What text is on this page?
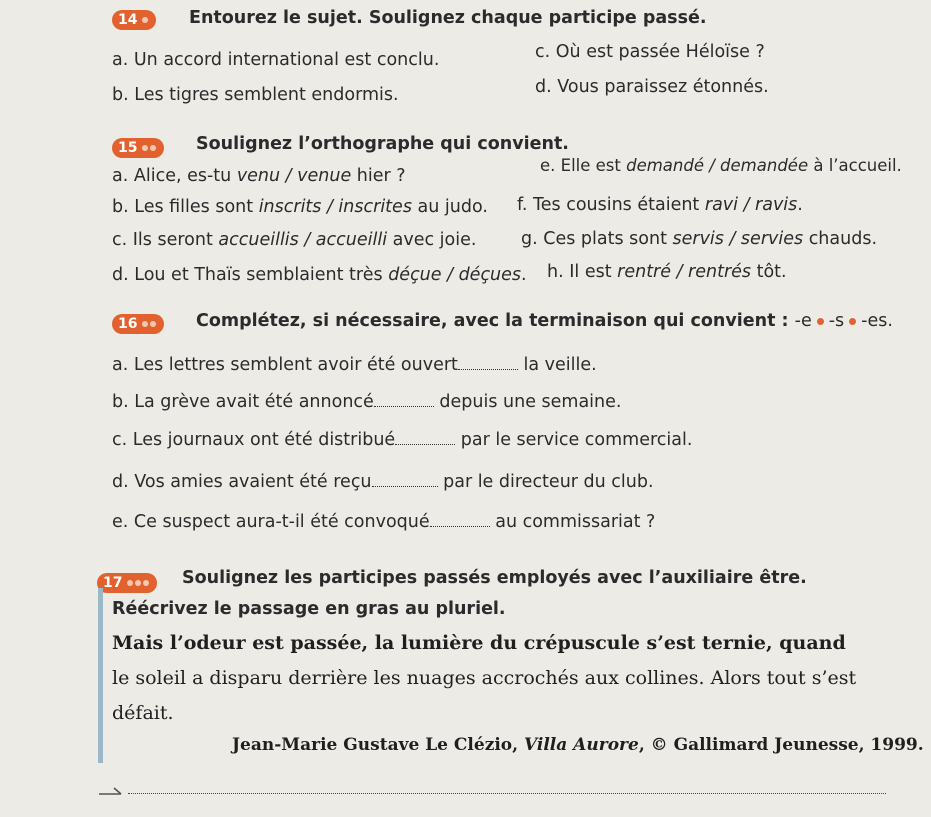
14	Entourez le sujet. Soulignez chaque participe passé.
a. Un accord international est conclu.
b. Les tigres semblent endormis.
c. Où est passée Héloïse ?
d. Vous paraissez étonnés.
15	Soulignez l’orthographe qui convient.
a. Alice, es-tu venu / venue hier ?
b. Les filles sont inscrits / inscrites au judo.
c. Ils seront accueillis / accueilli avec joie.
d. Lou et Thaïs semblaient très déçue / déçues.
e. Elle est demandé / demandée à l’accueil.
f. Tes cousins étaient ravi / ravis.
g. Ces plats sont servis / servies chauds.
h. Il est rentré / rentrés tôt.
16	Complétez, si nécessaire, avec la terminaison qui convient : -e -s -es.
a. Les lettres semblent avoir été ouvert	la veille.
b. La grève avait été annoncé	depuis une semaine.
c. Les journaux ont été distribué	par le service commercial.
d. Vos amies avaient été reçu	par le directeur du club.
e. Ce suspect aura-t-il été convoqué	au commissariat ?
17	Soulignez les participes passés employés avec l’auxiliaire être.
Réécrivez le passage en gras au pluriel.
Mais l’odeur est passée, la lumière du crépuscule s’est ternie, quand
le soleil a disparu derrière les nuages accrochés aux collines. Alors tout s’est
défait.
Jean-Marie Gustave Le Clézio, Villa Aurore, © Gallimard Jeunesse, 1999.
